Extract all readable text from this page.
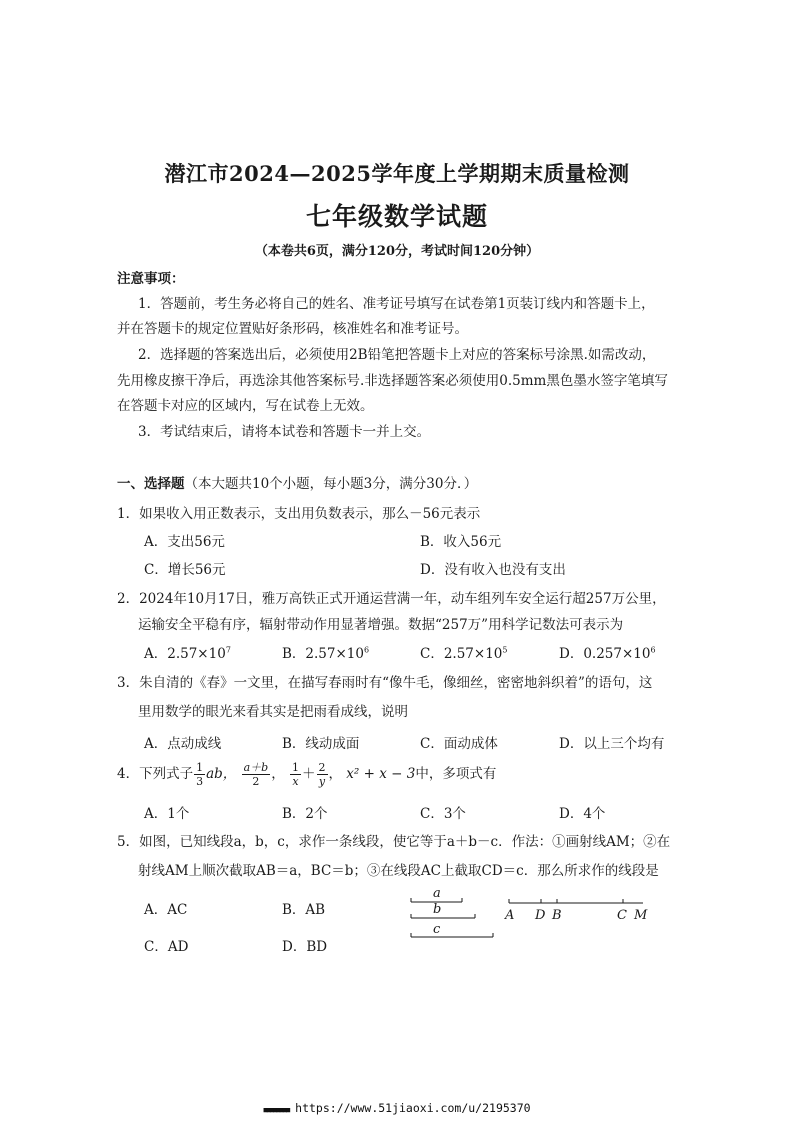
潜江市2024—2025学年度上学期期末质量检测
七年级数学试题
（本卷共6页，满分120分，考试时间120分钟）
注意事项：
1．答题前，考生务必将自己的姓名、准考证号填写在试卷第1页装订线内和答题卡上，
并在答题卡的规定位置贴好条形码，核准姓名和准考证号。
2．选择题的答案选出后，必须使用2B铅笔把答题卡上对应的答案标号涂黑.如需改动，
先用橡皮擦干净后，再选涂其他答案标号.非选择题答案必须使用0.5mm黑色墨水签字笔填写
在答题卡对应的区域内，写在试卷上无效。
3．考试结束后，请将本试卷和答题卡一并上交。
一、选择题（本大题共10个小题，每小题3分，满分30分．）
1．如果收入用正数表示，支出用负数表示，那么－56元表示
A．支出56元	B．收入56元
C．增长56元	D．没有收入也没有支出
2．2024年10月17日，雅万高铁正式开通运营满一年，动车组列车安全运行超257万公里，
运输安全平稳有序，辐射带动作用显著增强。数据“257万”用科学记数法可表示为
A．$2.57\times 10^7$	B．$2.57\times 10^6$	C．$2.57\times 10^5$	D．$0.257\times 10^6$
3．朱自清的《春》一文里，在描写春雨时有“像牛毛，像细丝，密密地斜织着”的语句，这
里用数学的眼光来看其实是把雨看成线，说明
A．点动成线	B．线动成面	C．面动成体	D．以上三个均有
4．下列式子 $\frac{1}{3}$ ab， $\frac{a+b}{2}$ ， $\frac{1}{x} + \frac{2}{y}$ ， x² + x − 3中，多项式有
A．1个	B．2个	C．3个	D．4个
5．如图，已知线段a，b，c，求作一条线段，使它等于a＋b－c．作法：①画射线AM；②在
射线AM上顺次截取AB＝a，BC＝b；③在线段AC上截取CD＝c．那么所求作的线段是
A．AC	B．AB
C．AD	D．BD
a
b
c
A D B	C M
■■■■■■■■ https://www.51jiaoxi.com/u/2195370
